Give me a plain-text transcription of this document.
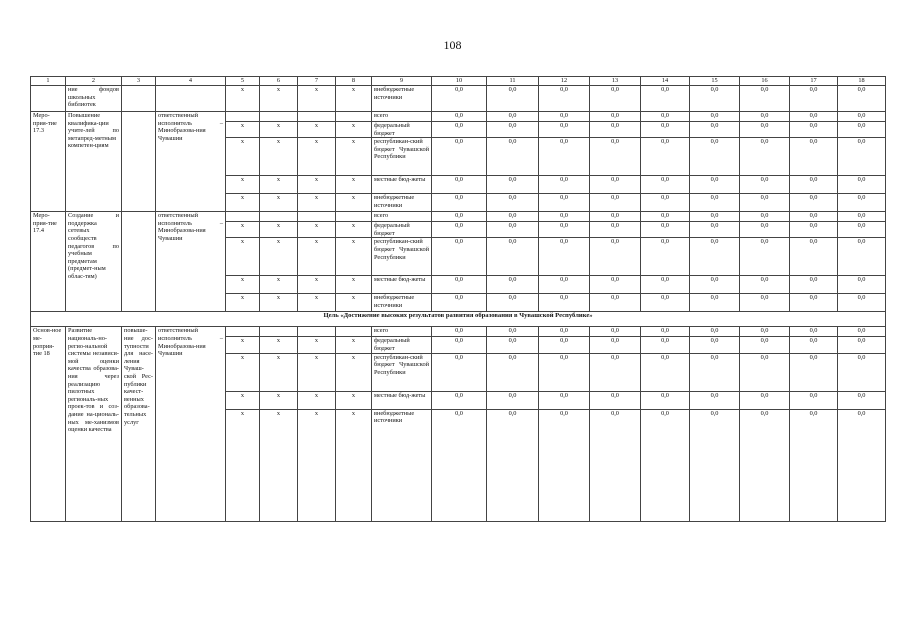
108
1	2	3	4	5	6	7	8	9	10	11	12	13	14	15	16	17	18
	ние фондов школьных библиотек			x	x	x	x	внебюджетные источники	0,0	0,0	0,0	0,0	0,0	0,0	0,0	0,0	0,0
Меро-прия-тие 17.3	Повышение квалифика-ции учите-лей по метапред-метным компетен-циям		ответственный исполнитель – Минобразова-ния Чувашии					всего	0,0	0,0	0,0	0,0	0,0	0,0	0,0	0,0	0,0
				x	x	x	x	федеральный бюджет	0,0	0,0	0,0	0,0	0,0	0,0	0,0	0,0	0,0
				x	x	x	x	республикан-ский бюджет Чувашской Республики	0,0	0,0	0,0	0,0	0,0	0,0	0,0	0,0	0,0
				x	x	x	x	местные бюд-жеты	0,0	0,0	0,0	0,0	0,0	0,0	0,0	0,0	0,0
				x	x	x	x	внебюджетные источники	0,0	0,0	0,0	0,0	0,0	0,0	0,0	0,0	0,0
Меро-прия-тие 17.4	Создание и поддержка сетевых сообществ педагогов по учебным предметам (предмет-ным облас-тям)		ответственный исполнитель – Минобразова-ния Чувашии					всего	0,0	0,0	0,0	0,0	0,0	0,0	0,0	0,0	0,0
				x	x	x	x	федеральный бюджет	0,0	0,0	0,0	0,0	0,0	0,0	0,0	0,0	0,0
				x	x	x	x	республикан-ский бюджет Чувашской Республики	0,0	0,0	0,0	0,0	0,0	0,0	0,0	0,0	0,0
				x	x	x	x	местные бюд-жеты	0,0	0,0	0,0	0,0	0,0	0,0	0,0	0,0	0,0
				x	x	x	x	внебюджетные источники	0,0	0,0	0,0	0,0	0,0	0,0	0,0	0,0	0,0
Цель «Достижение высоких результатов развития образования в Чувашской Республике»																	
Основ-ное ме-роприя-тие 18	Развитие националь-но-регио-нальной системы независи-мой оценки качества образова-ния через реализацию пилотных региональ-ных проек-тов и соз-дание на-циональ-ных ме-ханизмов оценки качества	повыше-ние дос-тупности для насе-ления Чуваш-ской Рес-публики качест-венных образова-тельных услуг	ответственный исполнитель – Минобразова-ния Чувашии					всего	0,0	0,0	0,0	0,0	0,0	0,0	0,0	0,0	0,0
				x	x	x	x	федеральный бюджет	0,0	0,0	0,0	0,0	0,0	0,0	0,0	0,0	0,0
				x	x	x	x	республикан-ский бюджет Чувашской Республики	0,0	0,0	0,0	0,0	0,0	0,0	0,0	0,0	0,0
				x	x	x	x	местные бюд-жеты	0,0	0,0	0,0	0,0	0,0	0,0	0,0	0,0	0,0
				x	x	x	x	внебюджетные источники	0,0	0,0	0,0	0,0	0,0	0,0	0,0	0,0	0,0
